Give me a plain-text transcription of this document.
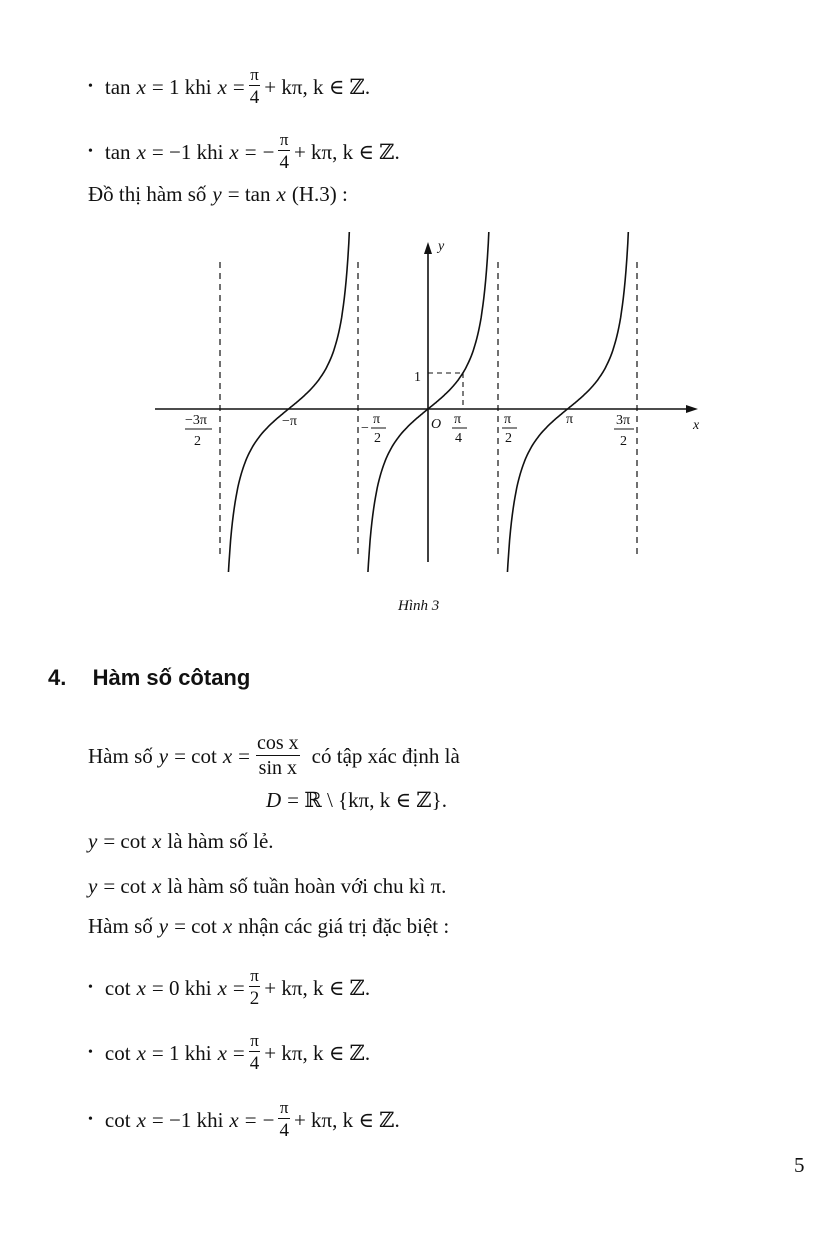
• tan x = 1 khi $x = \frac{\pi}{4} + k\pi$, k ∈ ℤ.
• tan x = −1 khi x = − $\frac{\pi}{4} + k\pi$, k ∈ ℤ.
Đồ thị hàm số y = tan x (H.3) :
y
x
O
1
−3π
2
−π	−
π
2
π
4
π
2
π	3π
2
Hình 3
4. Hàm số côtang
Hàm số $y = \cot x = \frac{\text{cos x}}{\text{sin x}}$ có tập xác định là
D = ℝ \ {kπ, k ∈ ℤ}.
y = cot x là hàm số lẻ.
y = cot x là hàm số tuần hoàn với chu kì π.
Hàm số y = cot x nhận các giá trị đặc biệt :
• cot x = 0 khi $x = \frac{\pi}{2} + k\pi$, k ∈ ℤ.
• cot x = 1 khi $x = \frac{\pi}{4} + k\pi$, k ∈ ℤ.
• cot x = −1 khi x = − $\frac{\pi}{4} + k\pi$, k ∈ ℤ.
5
